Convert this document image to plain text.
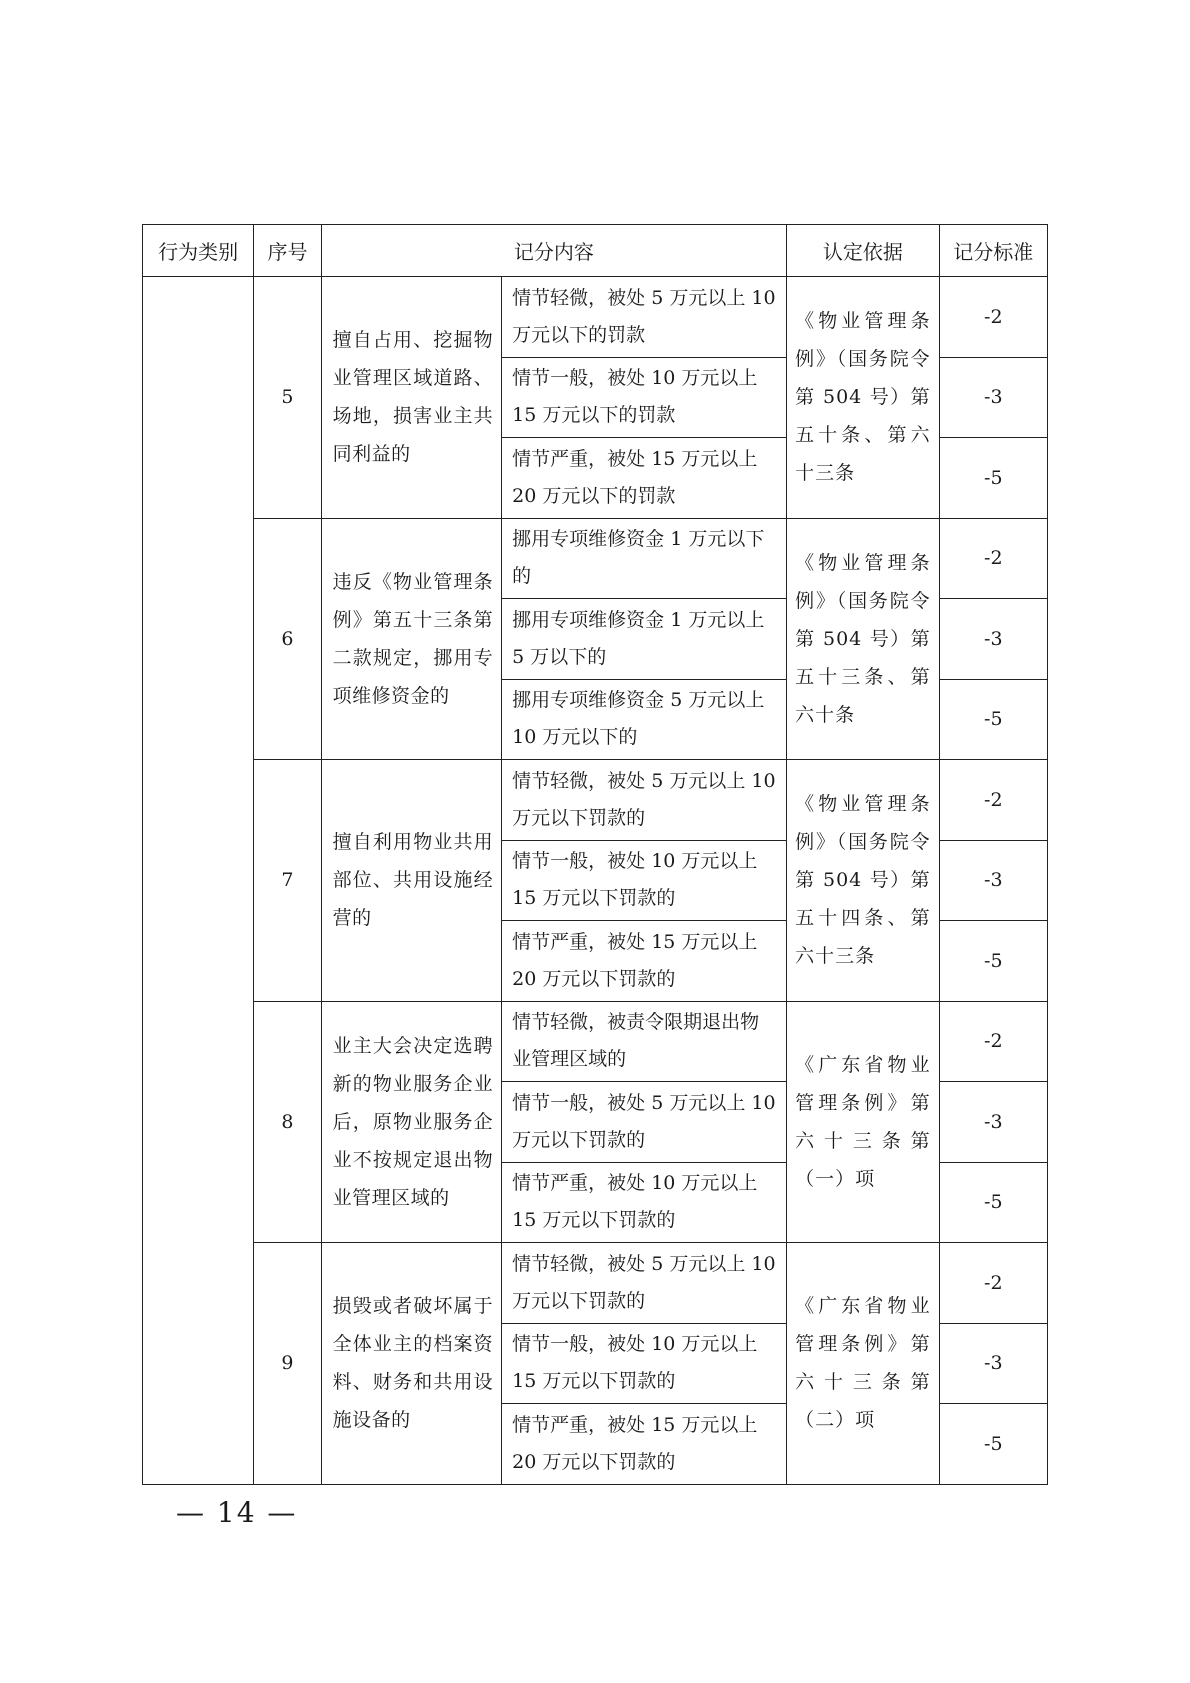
行为类别	序号	记分内容		认定依据	记分标准
	5	擅自占用、挖掘物业管理区域道路、场地，损害业主共同利益的	情节轻微，被处 5 万元以上 10 万元以下的罚款	《物业管理条例》（国务院令第 504 号）第五十条、第六十三条	-2
			情节一般，被处 10 万元以上 15 万元以下的罚款		-3
			情节严重，被处 15 万元以上 20 万元以下的罚款		-5
	6	违反《物业管理条例》第五十三条第二款规定，挪用专项维修资金的	挪用专项维修资金 1 万元以下的	《物业管理条例》（国务院令第 504 号）第五十三条、第六十条	-2
			挪用专项维修资金 1 万元以上 5 万以下的		-3
			挪用专项维修资金 5 万元以上 10 万元以下的		-5
	7	擅自利用物业共用部位、共用设施经营的	情节轻微，被处 5 万元以上 10 万元以下罚款的	《物业管理条例》（国务院令第 504 号）第五十四条、第六十三条	-2
			情节一般，被处 10 万元以上 15 万元以下罚款的		-3
			情节严重，被处 15 万元以上 20 万元以下罚款的		-5
	8	业主大会决定选聘新的物业服务企业后，原物业服务企业不按规定退出物业管理区域的	情节轻微，被责令限期退出物业管理区域的	《广东省物业管理条例》第六十三条第（一）项	-2
			情节一般，被处 5 万元以上 10 万元以下罚款的		-3
			情节严重，被处 10 万元以上 15 万元以下罚款的		-5
	9	损毁或者破坏属于全体业主的档案资料、财务和共用设施设备的	情节轻微，被处 5 万元以上 10 万元以下罚款的	《广东省物业管理条例》第六十三条第（二）项	-2
			情节一般，被处 10 万元以上 15 万元以下罚款的		-3
			情节严重，被处 15 万元以上 20 万元以下罚款的		-5
— 14 —
